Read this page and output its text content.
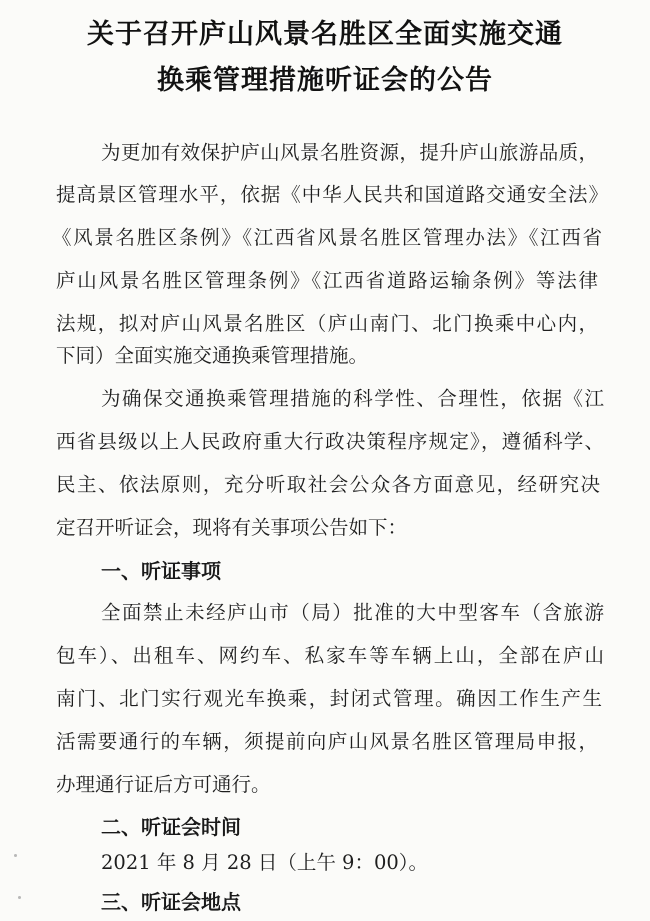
关于召开庐山风景名胜区全面实施交通
换乘管理措施听证会的公告
为更加有效保护庐山风景名胜资源，提升庐山旅游品质，
提高景区管理水平，依据《中华人民共和国道路交通安全法》
《风景名胜区条例》《江西省风景名胜区管理办法》《江西省
庐山风景名胜区管理条例》《江西省道路运输条例》等法律
法规，拟对庐山风景名胜区（庐山南门、北门换乘中心内，
下同）全面实施交通换乘管理措施。
为确保交通换乘管理措施的科学性、合理性，依据《江
西省县级以上人民政府重大行政决策程序规定》，遵循科学、
民主、依法原则，充分听取社会公众各方面意见，经研究决
定召开听证会，现将有关事项公告如下：
一、听证事项
全面禁止未经庐山市（局）批准的大中型客车（含旅游
包车）、出租车、网约车、私家车等车辆上山，全部在庐山
南门、北门实行观光车换乘，封闭式管理。确因工作生产生
活需要通行的车辆，须提前向庐山风景名胜区管理局申报，
办理通行证后方可通行。
二、听证会时间
2021 年 8 月 28 日（上午 9：00）。
三、听证会地点
